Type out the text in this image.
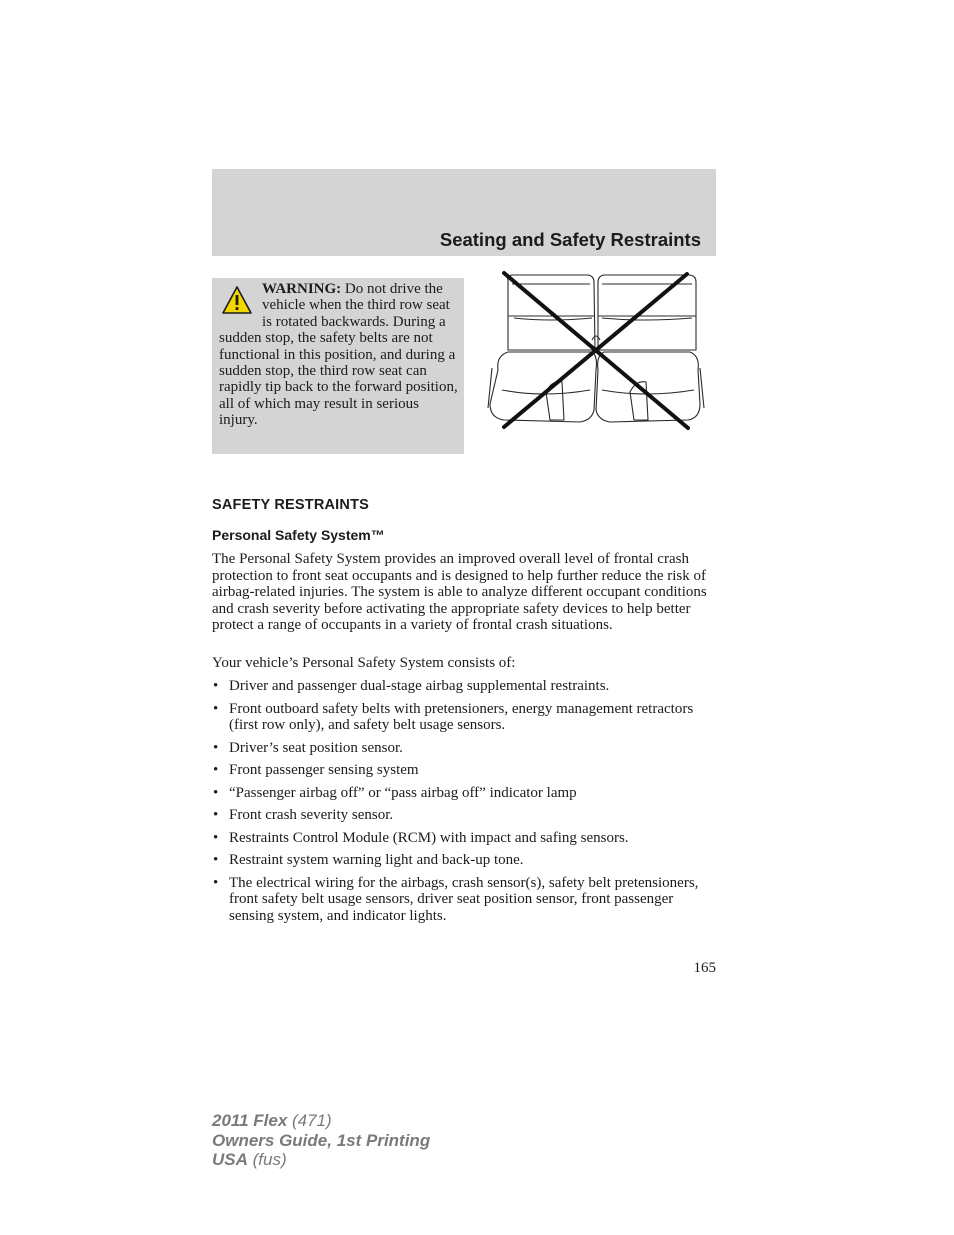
Seating and Safety Restraints
WARNING: Do not drive the vehicle when the third row seat is rotated backwards. During a sudden stop, the safety belts are not functional in this position, and during a sudden stop, the third row seat can rapidly tip back to the forward position, all of which may result in serious injury.
SAFETY RESTRAINTS
Personal Safety System™

The Personal Safety System provides an improved overall level of frontal crash protection to front seat occupants and is designed to help further reduce the risk of airbag-related injuries. The system is able to analyze different occupant conditions and crash severity before activating the appropriate safety devices to help better protect a range of occupants in a variety of frontal crash situations.

Your vehicle’s Personal Safety System consists of:

• Driver and passenger dual-stage airbag supplemental restraints.
• Front outboard safety belts with pretensioners, energy management retractors (first row only), and safety belt usage sensors.
• Driver’s seat position sensor.
• Front passenger sensing system
• “Passenger airbag off” or “pass airbag off” indicator lamp
• Front crash severity sensor.
• Restraints Control Module (RCM) with impact and safing sensors.
• Restraint system warning light and back-up tone.
• The electrical wiring for the airbags, crash sensor(s), safety belt pretensioners, front safety belt usage sensors, driver seat position sensor, front passenger sensing system, and indicator lights.
165
2011 Flex (471)
Owners Guide, 1st Printing
USA (fus)
